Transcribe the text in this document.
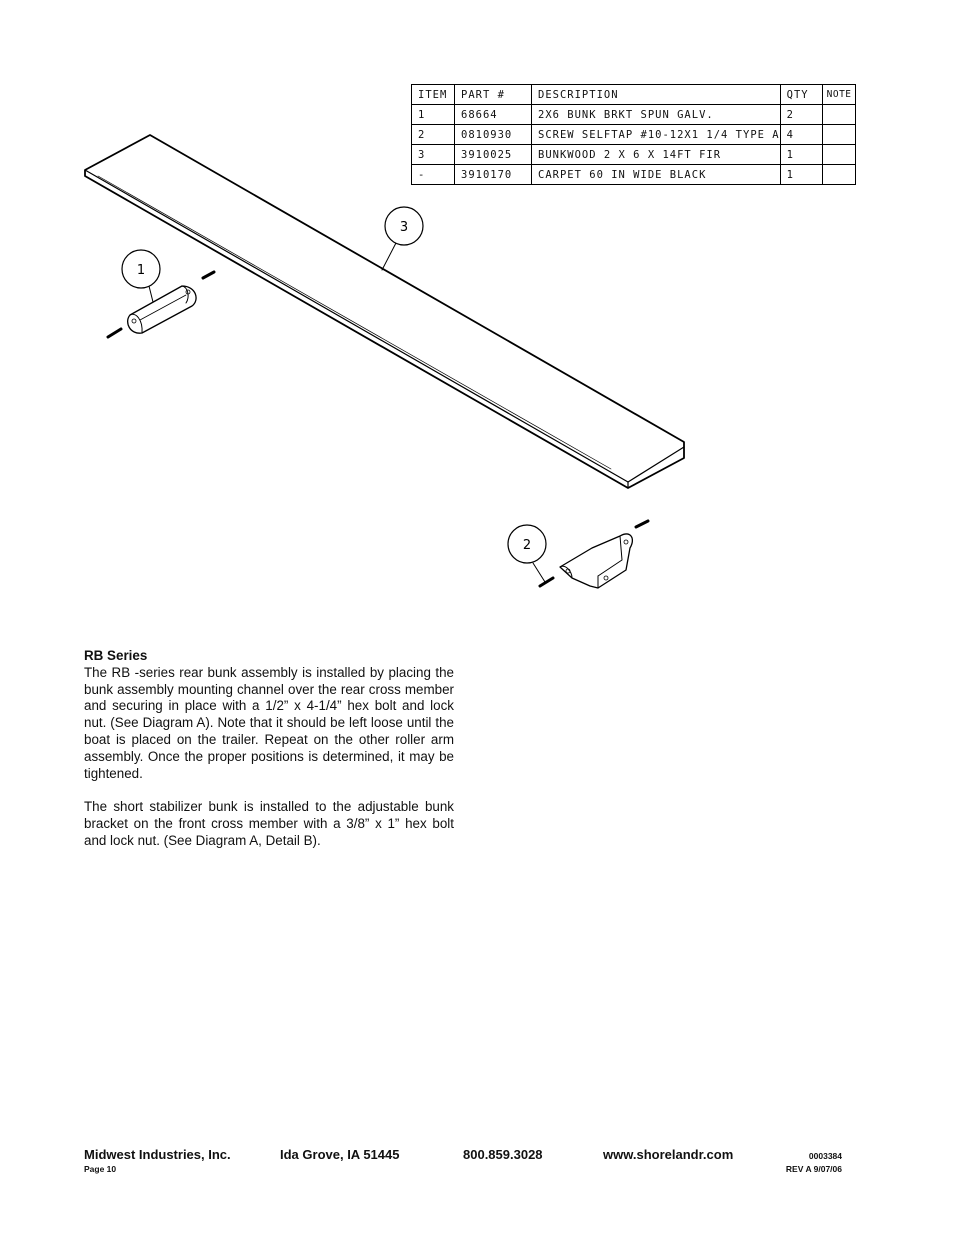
ITEM	PART #	DESCRIPTION	QTY	NOTE
1	68664	2X6 BUNK BRKT SPUN GALV.	2	
2	0810930	SCREW SELFTAP #10-12X1 1/4 TYPE A	4	
3	3910025	BUNKWOOD 2 X 6 X 14FT FIR	1	
-	3910170	CARPET 60 IN WIDE BLACK	1	
3
1
2
RB Series

The RB -series rear bunk assembly is installed by placing the bunk assembly mounting channel over the rear cross member and securing in place with a 1/2” x 4-1/4” hex bolt and lock nut. (See Diagram A). Note that it should be left loose until the boat is placed on the trailer. Repeat on the other roller arm assembly. Once the proper positions is determined, it may be tightened.

The short stabilizer bunk is installed to the adjustable bunk bracket on the front cross member with a 3/8” x 1” hex bolt and lock nut. (See Diagram A, Detail B).

Midwest Industries, Inc.	Ida Grove, IA 51445	800.859.3028	www.shorelandr.com	0003384
Page 10	REV A 9/07/06
